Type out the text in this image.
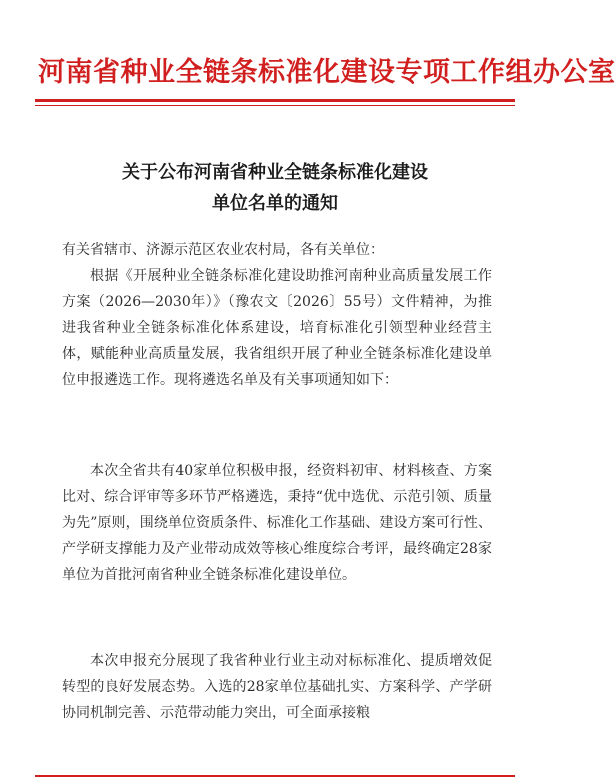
河南省种业全链条标准化建设专项工作组办公室
关于公布河南省种业全链条标准化建设
单位名单的通知
有关省辖市、济源示范区农业农村局，各有关单位：
根据《开展种业全链条标准化建设助推河南种业高质量发展工作方案（2026—2030年）》（豫农文〔2026〕55号）文件精神，为推进我省种业全链条标准化体系建设，培育标准化引领型种业经营主体，赋能种业高质量发展，我省组织开展了种业全链条标准化建设单位申报遴选工作。现将遴选名单及有关事项通知如下：
本次全省共有40家单位积极申报，经资料初审、材料核查、方案比对、综合评审等多环节严格遴选，秉持“优中选优、示范引领、质量为先”原则，围绕单位资质条件、标准化工作基础、建设方案可行性、产学研支撑能力及产业带动成效等核心维度综合考评，最终确定28家单位为首批河南省种业全链条标准化建设单位。
本次申报充分展现了我省种业行业主动对标标准化、提质增效促转型的良好发展态势。入选的28家单位基础扎实、方案科学、产学研协同机制完善、示范带动能力突出，可全面承接粮
